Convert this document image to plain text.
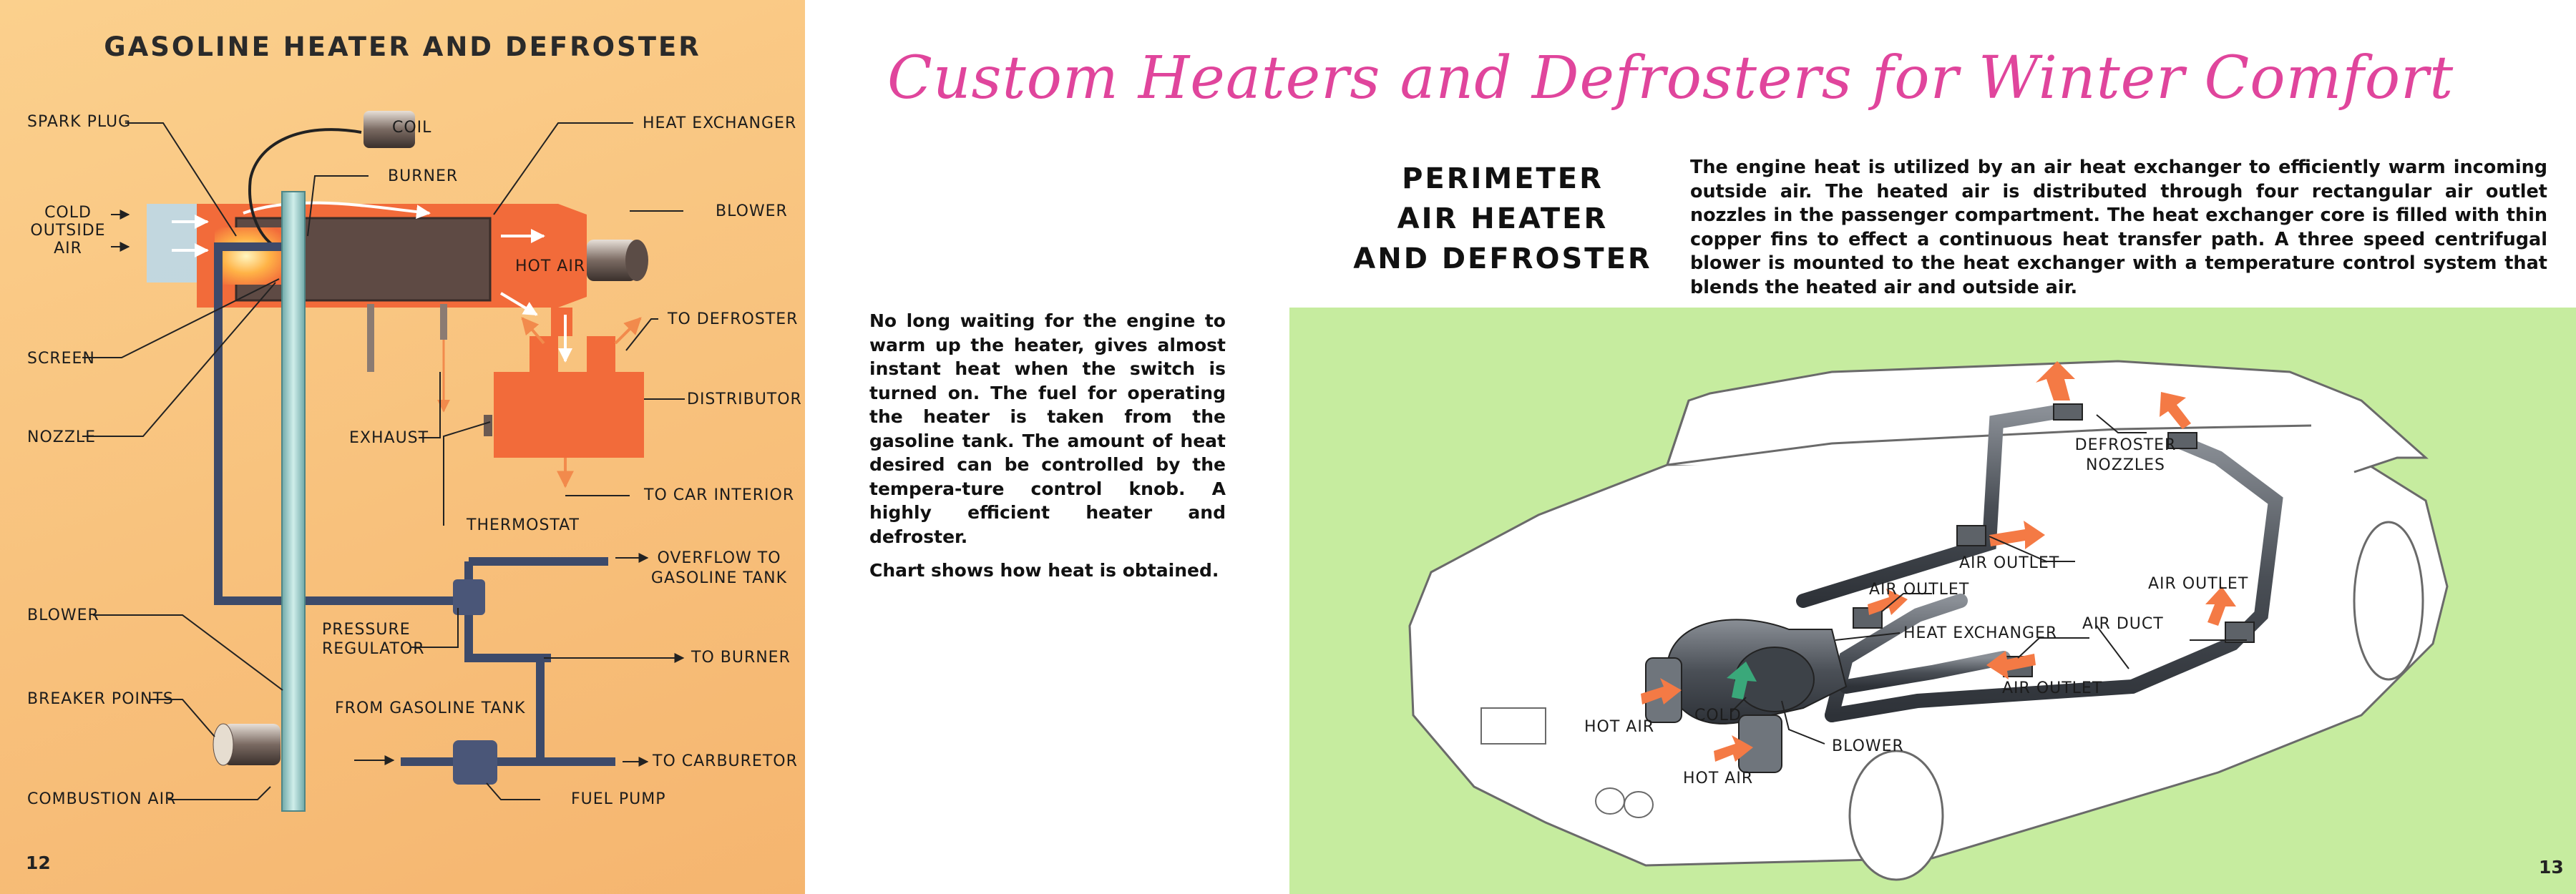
GASOLINE HEATER AND DEFROSTER
SPARK PLUG	COIL	HEAT EXCHANGER
BURNER
COLD
OUTSIDE
AIR
BLOWER
HOT AIR
TO DEFROSTER
SCREEN
DISTRIBUTOR
NOZZLE	EXHAUST
TO CAR INTERIOR
THERMOSTAT
OVERFLOW TO
GASOLINE TANK
BLOWER
PRESSURE
REGULATOR	TO BURNER
BREAKER POINTS
FROM GASOLINE TANK
TO CARBURETOR
FUEL PUMP
COMBUSTION AIR
12
Custom Heaters and Defrosters for Winter Comfort
PERIMETER
AIR HEATER
AND DEFROSTER
The engine heat is utilized by an air heat exchanger to efficiently warm incoming outside air. The heated air is distributed through four rectangular air outlet nozzles in the passenger compartment. The heat exchanger core is filled with thin copper fins to effect a continuous heat transfer path. A three speed centrifugal blower is mounted to the heat exchanger with a temperature control system that blends the heated air and outside air.

No long waiting for the engine to warm up the heater, gives almost instant heat when the switch is turned on. The fuel for operating the heater is taken from the gasoline tank. The amount of heat desired can be controlled by the tempera-ture control knob. A highly efficient heater and defroster.

Chart shows how heat is obtained.

DEFROSTER
NOZZLES
AIR OUTLET
AIR OUTLET	AIR OUTLET
HEAT EXCHANGER
AIR DUCT
AIR OUTLET
HOT AIR
COLD
BLOWER
HOT AIR
13
